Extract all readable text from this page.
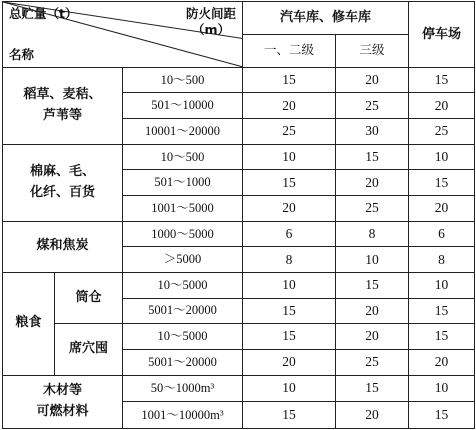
总贮量（t） 防火间距
（m）
名称			汽车库、修车库		停车场
			一、二级	三级	
稻草、麦秸、
芦苇等		10～500	15	20	15
		501～10000	20	25	20
		10001～20000	25	30	25
棉麻、毛、
化纤、百货		10～500	10	15	10
		501～1000	15	20	15
		1001～5000	20	25	20
煤和焦炭		1000～5000	6	8	6
		＞5000	8	10	8
粮食	筒仓	10～5000	10	15	10
		5001～20000	15	20	15
	席穴囤	10～5000	15	20	15
		5001～20000	20	25	20
木材等
可燃材料		50～1000m³	10	15	10
		1001～10000m³	15	20	15
